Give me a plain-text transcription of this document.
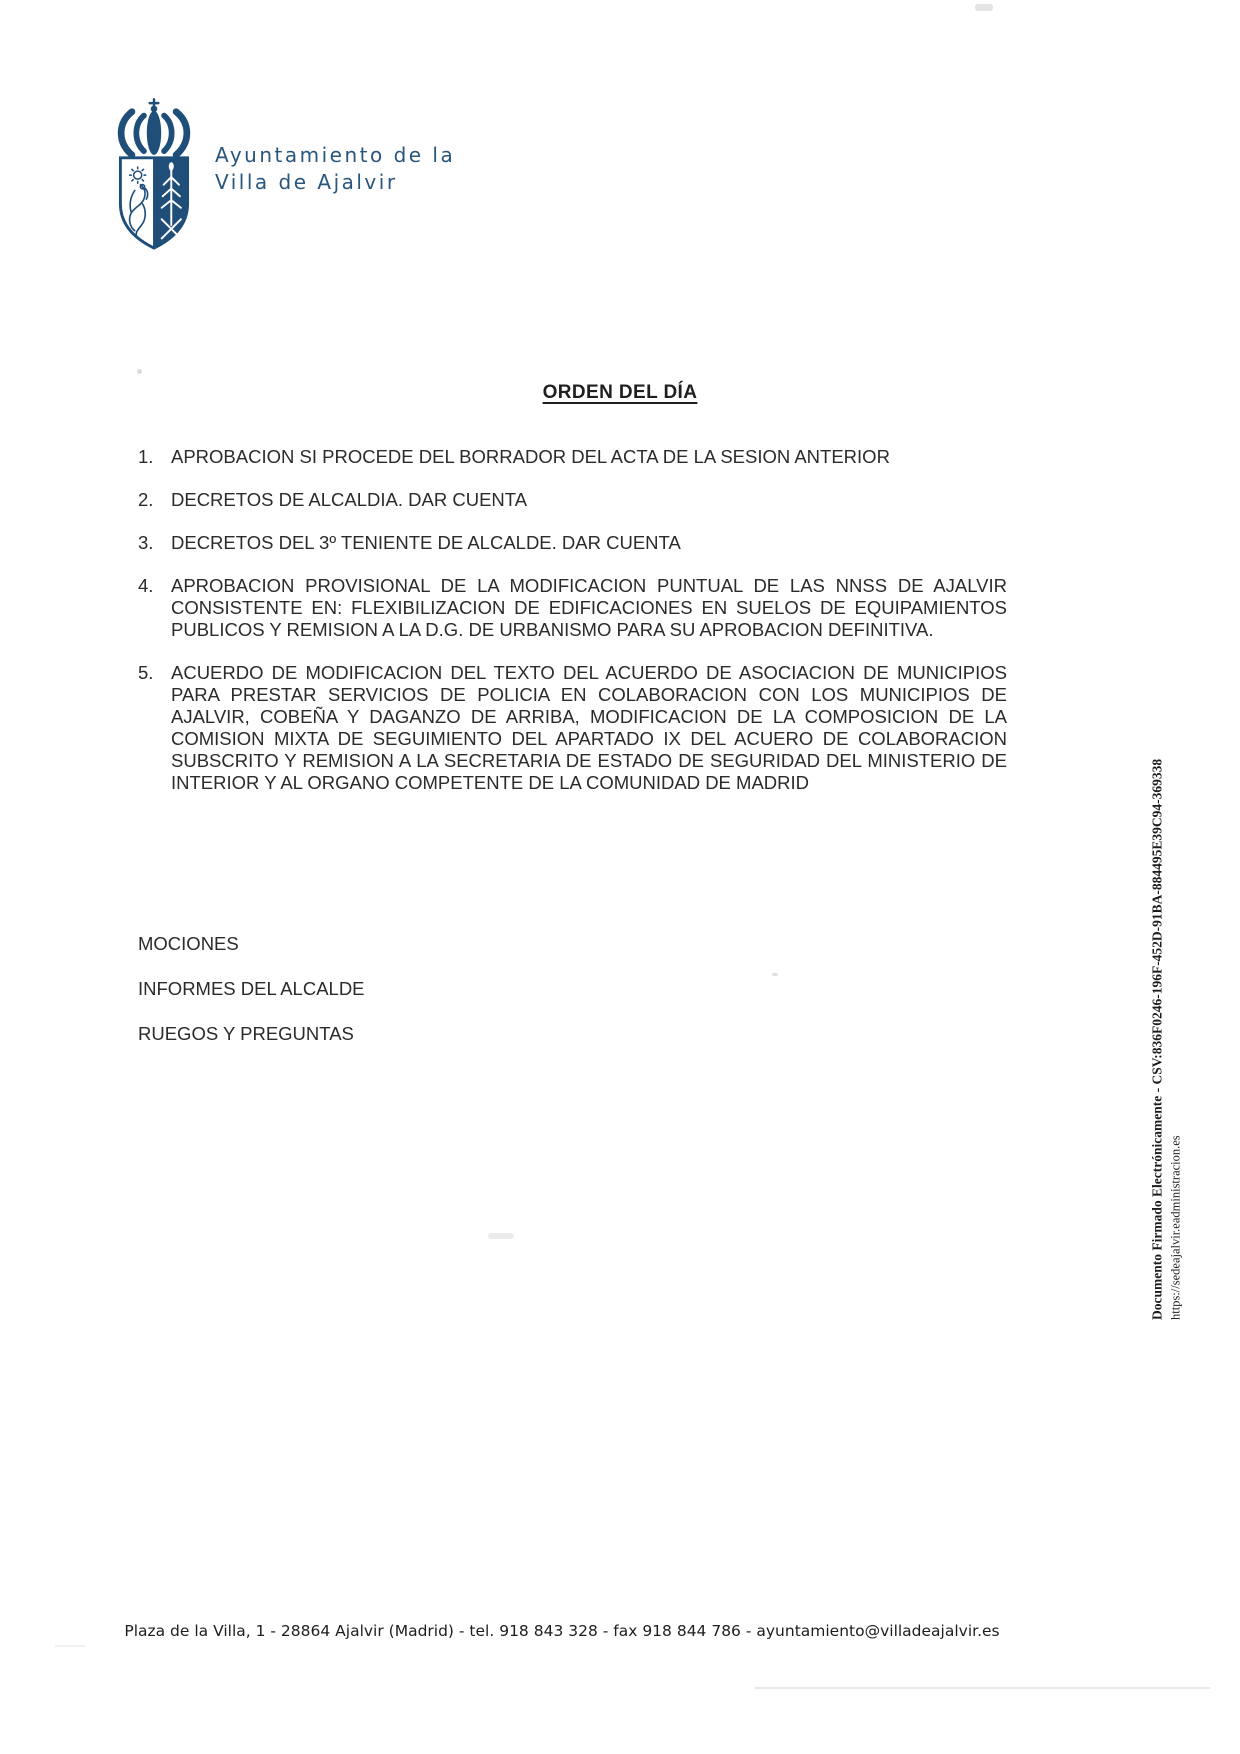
Ayuntamiento de la
Villa de Ajalvir
ORDEN DEL DÍA
1. APROBACION SI PROCEDE DEL BORRADOR DEL ACTA DE LA SESION ANTERIOR
2. DECRETOS DE ALCALDIA. DAR CUENTA
3. DECRETOS DEL 3º TENIENTE DE ALCALDE. DAR CUENTA
4. APROBACION PROVISIONAL DE LA MODIFICACION PUNTUAL DE LAS NNSS DE AJALVIR CONSISTENTE EN: FLEXIBILIZACION DE EDIFICACIONES EN SUELOS DE EQUIPAMIENTOS PUBLICOS Y REMISION A LA D.G. DE URBANISMO PARA SU APROBACION DEFINITIVA.
5. ACUERDO DE MODIFICACION DEL TEXTO DEL ACUERDO DE ASOCIACION DE MUNICIPIOS PARA PRESTAR SERVICIOS DE POLICIA EN COLABORACION CON LOS MUNICIPIOS DE AJALVIR, COBEÑA Y DAGANZO DE ARRIBA, MODIFICACION DE LA COMPOSICION DE LA COMISION MIXTA DE SEGUIMIENTO DEL APARTADO IX DEL ACUERO DE COLABORACION SUBSCRITO Y REMISION A LA SECRETARIA DE ESTADO DE SEGURIDAD DEL MINISTERIO DE INTERIOR Y AL ORGANO COMPETENTE DE LA COMUNIDAD DE MADRID
MOCIONES
INFORMES DEL ALCALDE
RUEGOS Y PREGUNTAS	Documento Firmado Electrónicamente - CSV:836F0246-196F-452D-91BA-884495E39C94-369338 https://sedeajalvir.eadministracion.es
Plaza de la Villa, 1 - 28864 Ajalvir (Madrid) - tel. 918 843 328 - fax 918 844 786 - ayuntamiento@villadeajalvir.es
